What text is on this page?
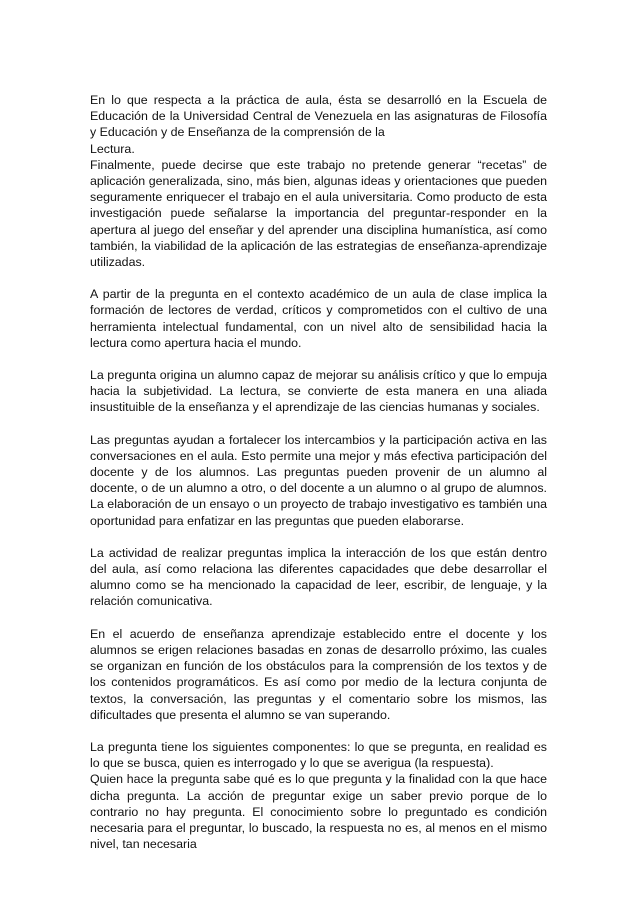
En lo que respecta a la práctica de aula, ésta se desarrolló en la Escuela de Educación de la Universidad Central de Venezuela en las asignaturas de Filosofía y Educación y de Enseñanza de la comprensión de la

Lectura.

Finalmente, puede decirse que este trabajo no pretende generar “recetas” de aplicación generalizada, sino, más bien, algunas ideas y orientaciones que pueden seguramente enriquecer el trabajo en el aula universitaria. Como producto de esta investigación puede señalarse la importancia del preguntar-responder en la apertura al juego del enseñar y del aprender una disciplina humanística, así como también, la viabilidad de la aplicación de las estrategias de enseñanza-aprendizaje utilizadas.

A partir de la pregunta en el contexto académico de un aula de clase implica la formación de lectores de verdad, críticos y comprometidos con el cultivo de una herramienta intelectual fundamental, con un nivel alto de sensibilidad hacia la lectura como apertura hacia el mundo.

La pregunta origina un alumno capaz de mejorar su análisis crítico y que lo empuja hacia la subjetividad. La lectura, se convierte de esta manera en una aliada insustituible de la enseñanza y el aprendizaje de las ciencias humanas y sociales.

Las preguntas ayudan a fortalecer los intercambios y la participación activa en las conversaciones en el aula. Esto permite una mejor y más efectiva participación del docente y de los alumnos. Las preguntas pueden provenir de un alumno al docente, o de un alumno a otro, o del docente a un alumno o al grupo de alumnos. La elaboración de un ensayo o un proyecto de trabajo investigativo es también una oportunidad para enfatizar en las preguntas que pueden elaborarse.

La actividad de realizar preguntas implica la interacción de los que están dentro del aula, así como relaciona las diferentes capacidades que debe desarrollar el alumno como se ha mencionado la capacidad de leer, escribir, de lenguaje, y la relación comunicativa.

En el acuerdo de enseñanza aprendizaje establecido entre el docente y los alumnos se erigen relaciones basadas en zonas de desarrollo próximo, las cuales se organizan en función de los obstáculos para la comprensión de los textos y de los contenidos programáticos. Es así como por medio de la lectura conjunta de textos, la conversación, las preguntas y el comentario sobre los mismos, las dificultades que presenta el alumno se van superando.

La pregunta tiene los siguientes componentes: lo que se pregunta, en realidad es lo que se busca, quien es interrogado y lo que se averigua (la respuesta).

Quien hace la pregunta sabe qué es lo que pregunta y la finalidad con la que hace dicha pregunta. La acción de preguntar exige un saber previo porque de lo contrario no hay pregunta. El conocimiento sobre lo preguntado es condición necesaria para el preguntar, lo buscado, la respuesta no es, al menos en el mismo nivel, tan necesaria
